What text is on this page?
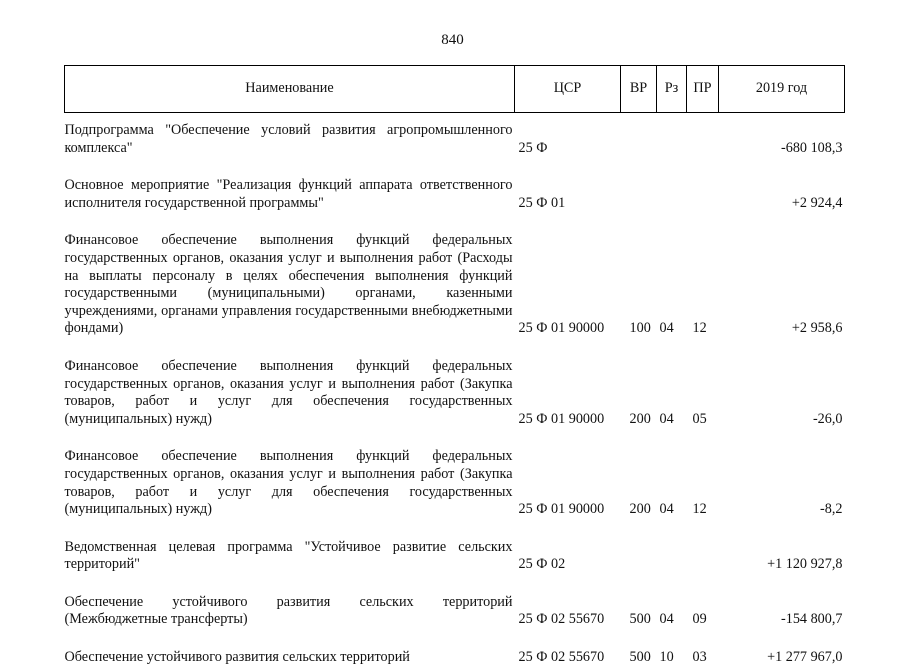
840
Наименование	ЦСР	ВР	Рз	ПР	2019 год

Подпрограмма "Обеспечение условий развития агропромышленного комплекса"	25 Ф				-680 108,3

Основное мероприятие "Реализация функций аппарата ответственного исполнителя государственной программы"	25 Ф 01				+2 924,4

Финансовое обеспечение выполнения функций федеральных государственных органов, оказания услуг и выполнения работ (Расходы на выплаты персоналу в целях обеспечения выполнения функций государственными (муниципальными) органами, казенными учреждениями, органами управления государственными внебюджетными фондами)	25 Ф 01 90000	100	04	12	+2 958,6

Финансовое обеспечение выполнения функций федеральных государственных органов, оказания услуг и выполнения работ (Закупка товаров, работ и услуг для обеспечения государственных (муниципальных) нужд)	25 Ф 01 90000	200	04	05	-26,0

Финансовое обеспечение выполнения функций федеральных государственных органов, оказания услуг и выполнения работ (Закупка товаров, работ и услуг для обеспечения государственных (муниципальных) нужд)	25 Ф 01 90000	200	04	12	-8,2

Ведомственная целевая программа "Устойчивое развитие сельских территорий"	25 Ф 02				+1 120 927,8

Обеспечение устойчивого развития сельских территорий (Межбюджетные трансферты)	25 Ф 02 55670	500	04	09	-154 800,7

Обеспечение устойчивого развития сельских территорий	25 Ф 02 55670	500	10	03	+1 277 967,0
